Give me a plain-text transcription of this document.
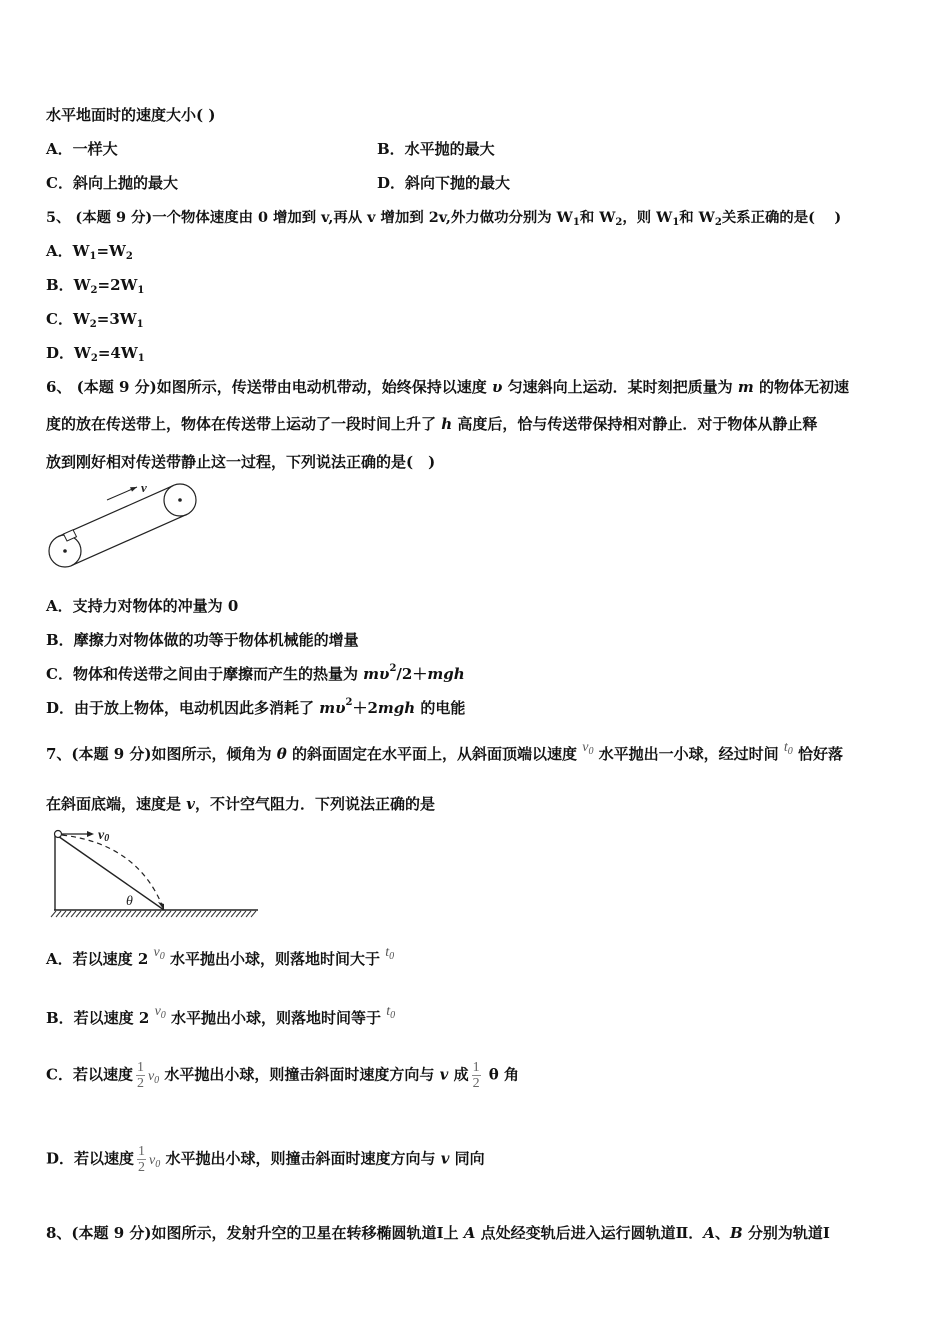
水平地面时的速度大小( )
A．一样大	B．水平抛的最大
C．斜向上抛的最大	D．斜向下抛的最大
5、 (本题 9 分)一个物体速度由 0 增加到 v,再从 v 增加到 2v,外力做功分别为 $W_1$和 $W_2$，则 $W_1$和 $W_2$关系正确的是(　 )
A．$W_1=W_2$
B．$W_2=2W_1$
C．$W_2=3W_1$
D．$W_2=4W_1$
6、 (本题 9 分)如图所示，传送带由电动机带动，始终保持以速度 υ 匀速斜向上运动．某时刻把质量为 m 的物体无初速
度的放在传送带上，物体在传送带上运动了一段时间上升了 h 高度后，恰与传送带保持相对静止．对于物体从静止释
放到刚好相对传送带静止这一过程，下列说法正确的是(　)
v
A．支持力对物体的冲量为 0
B．摩擦力对物体做的功等于物体机械能的增量
C．物体和传送带之间由于摩擦而产生的热量为 $m\upsilon^2/2+mgh$
D．由于放上物体，电动机因此多消耗了 $m\upsilon^2+2mgh$ 的电能
7、(本题 9 分)如图所示，倾角为 θ 的斜面固定在水平面上，从斜面顶端以速度 $v_0$ 水平抛出一小球，经过时间 $t_0$ 恰好落
在斜面底端，速度是 v，不计空气阻力．下列说法正确的是
v0
θ
A．若以速度 2 $v_0$ 水平抛出小球，则落地时间大于 $t_0$
B．若以速度 2 $v_0$ 水平抛出小球，则落地时间等于 $t_0$
C．若以速度 $\frac{1}{2} v_0$ 水平抛出小球，则撞击斜面时速度方向与 v 成 $\frac{1}{2}$ θ 角
D．若以速度 $\frac{1}{2} v_0$ 水平抛出小球，则撞击斜面时速度方向与 v 同向
8、(本题 9 分)如图所示，发射升空的卫星在转移椭圆轨道Ⅰ上 A 点处经变轨后进入运行圆轨道Ⅱ．A、B 分别为轨道Ⅰ
